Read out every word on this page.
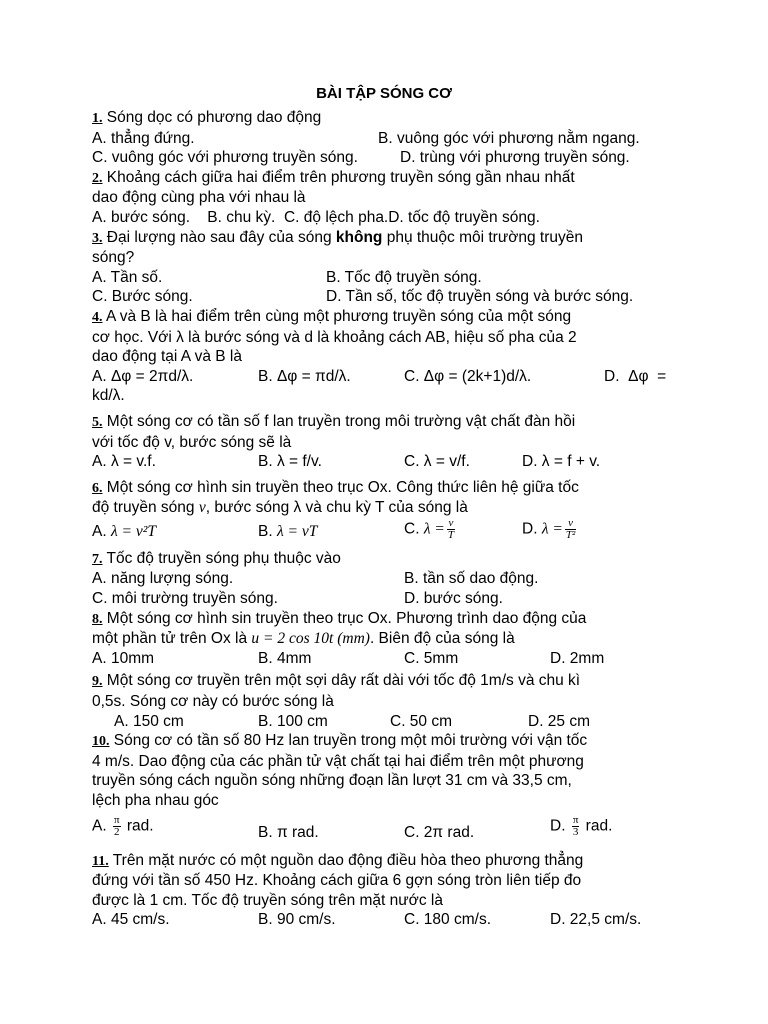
BÀI TẬP SÓNG CƠ

1. Sóng dọc có phương dao động

A. thẳng đứng.	B. vuông góc với phương nằm ngang.
C. vuông góc với phương truyền sóng.	D. trùng với phương truyền sóng.

2. Khoảng cách giữa hai điểm trên phương truyền sóng gần nhau nhất

dao động cùng pha với nhau là

A. bước sóng.    B. chu kỳ.  C. độ lệch pha.D. tốc độ truyền sóng.

3. Đại lượng nào sau đây của sóng không phụ thuộc môi trường truyền

sóng?

A. Tần số.	B. Tốc độ truyền sóng.
C. Bước sóng.	D. Tần số, tốc độ truyền sóng và bước sóng.

4. A và B là hai điểm trên cùng một phương truyền sóng của một sóng

cơ học. Với λ là bước sóng và d là khoảng cách AB, hiệu số pha của 2

dao động tại A và B là

A. Δφ = 2πd/λ.	B. Δφ = πd/λ.	C. Δφ = (2k+1)d/λ.	D.  Δφ  =

kd/λ.

5. Một sóng cơ có tần số f lan truyền trong môi trường vật chất đàn hồi

với tốc độ v, bước sóng sẽ là

A. λ = v.f.	B. λ = f/v.	C. λ = v/f.	D. λ = f + v.

6. Một sóng cơ hình sin truyền theo trục Ox. Công thức liên hệ giữa tốc

độ truyền sóng v, bước sóng λ và chu kỳ T của sóng là

A. λ = v²T	B. λ = vT	C. $\lambda = \frac{v}{T}$	D. $\lambda = \frac{v}{\text{T²}}$

7. Tốc độ truyền sóng phụ thuộc vào

A. năng lượng sóng.	B. tần số dao động.
C. môi trường truyền sóng.	D. bước sóng.

8. Một sóng cơ hình sin truyền theo trục Ox. Phương trình dao động của

một phần tử trên Ox là u = 2 cos 10t (mm). Biên độ của sóng là

A. 10mm	B. 4mm	C. 5mm	D. 2mm

9. Một sóng cơ truyền trên một sợi dây rất dài với tốc độ 1m/s và chu kì

0,5s. Sóng cơ này có bước sóng là

A. 150 cm	B. 100 cm	C. 50 cm	D. 25 cm

10. Sóng cơ có tần số 80 Hz lan truyền trong một môi trường với vận tốc

4 m/s. Dao động của các phần tử vật chất tại hai điểm trên một phương

truyền sóng cách nguồn sóng những đoạn lần lượt 31 cm và 33,5 cm,

lệch pha nhau góc

A. $\frac{\pi}{2}$ rad.	B. π rad.	C. 2π rad.	D. $\frac{\pi}{3}$ rad.

11. Trên mặt nước có một nguồn dao động điều hòa theo phương thẳng

đứng với tần số 450 Hz. Khoảng cách giữa 6 gợn sóng tròn liên tiếp đo

được là 1 cm. Tốc độ truyền sóng trên mặt nước là

A. 45 cm/s.	B. 90 cm/s.	C. 180 cm/s.	D. 22,5 cm/s.
